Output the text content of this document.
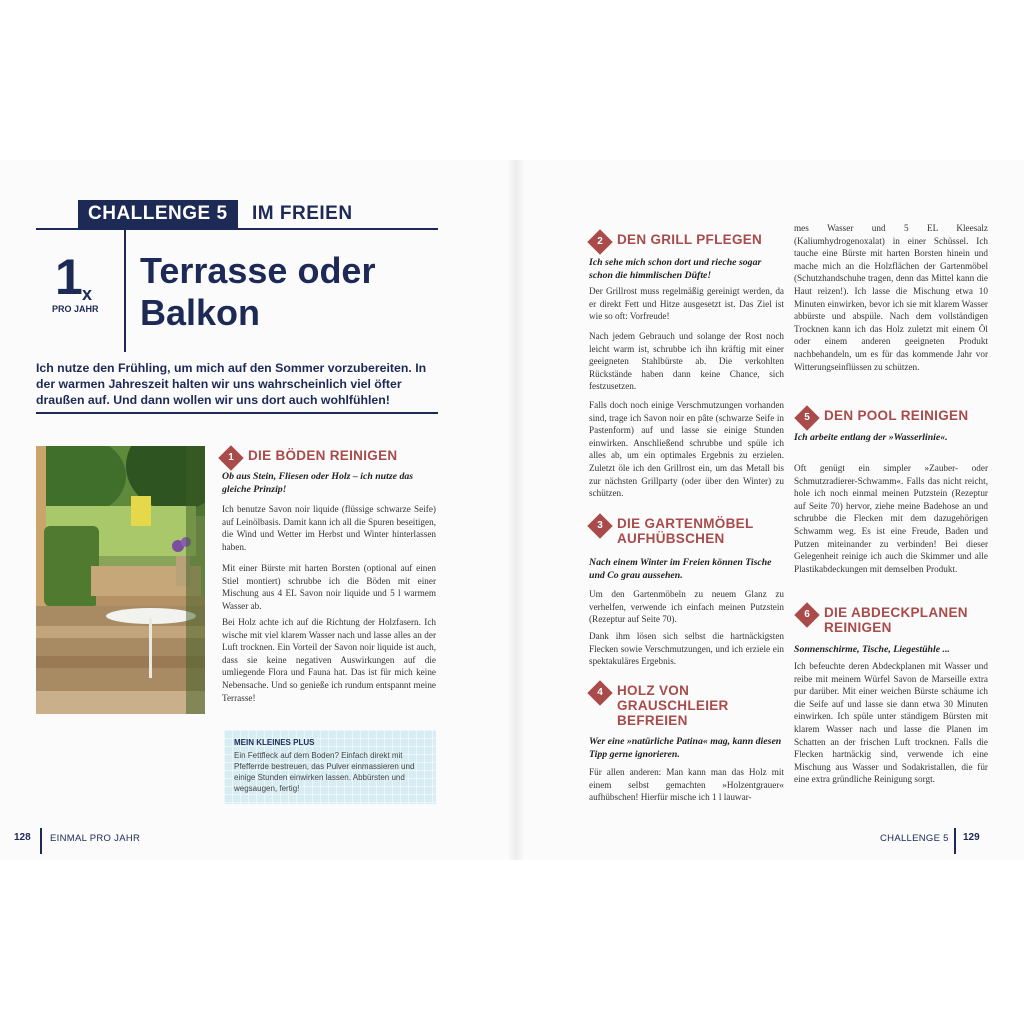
CHALLENGE 5	IM FREIEN
1 x
PRO JAHR
Terrasse oder
Balkon
Ich nutze den Frühling, um mich auf den Sommer vorzubereiten. In der warmen Jahreszeit halten wir uns wahrscheinlich viel öfter draußen auf. Und dann wollen wir uns dort auch wohlfühlen!
1	DIE BÖDEN REINIGEN
Ob aus Stein, Fliesen oder Holz – ich nutze das gleiche Prinzip!
Ich benutze Savon noir liquide (flüssige schwarze Seife) auf Leinölbasis. Damit kann ich all die Spuren beseitigen, die Wind und Wetter im Herbst und Winter hinterlassen haben.
Mit einer Bürste mit harten Borsten (optional auf einen Stiel montiert) schrubbe ich die Böden mit einer Mischung aus 4 EL Savon noir liquide und 5 l warmem Wasser ab.
Bei Holz achte ich auf die Richtung der Holzfasern. Ich wische mit viel klarem Wasser nach und lasse alles an der Luft trocknen. Ein Vorteil der Savon noir liquide ist auch, dass sie keine negativen Auswirkungen auf die umliegende Flora und Fauna hat. Das ist für mich keine Nebensache. Und so genieße ich rundum entspannt meine Terrasse!
MEIN KLEINES PLUS
Ein Fettfleck auf dem Boden? Einfach direkt mit Pfefferrde bestreuen, das Pulver einmassieren und einige Stunden einwirken lassen. Abbürsten und wegsaugen, fertig!
2	DEN GRILL PFLEGEN
Ich sehe mich schon dort und rieche sogar schon die himmlischen Düfte!
Der Grillrost muss regelmäßig gereinigt werden, da er direkt Fett und Hitze ausgesetzt ist. Das Ziel ist wie so oft: Vorfreude!
Nach jedem Gebrauch und solange der Rost noch leicht warm ist, schrubbe ich ihn kräftig mit einer geeigneten Stahlbürste ab. Die verkohlten Rückstände haben dann keine Chance, sich festzusetzen.
Falls doch noch einige Verschmutzungen vorhanden sind, trage ich Savon noir en pâte (schwarze Seife in Pastenform) auf und lasse sie einige Stunden einwirken. Anschließend schrubbe und spüle ich alles ab, um ein optimales Ergebnis zu erzielen. Zuletzt öle ich den Grillrost ein, um das Metall bis zur nächsten Grillparty (oder über den Winter) zu schützen.
3	DIE GARTENMÖBEL AUFHÜBSCHEN
Nach einem Winter im Freien können Tische und Co grau aussehen.
Um den Gartenmöbeln zu neuem Glanz zu verhelfen, verwende ich einfach meinen Putzstein (Rezeptur auf Seite 70).
Dank ihm lösen sich selbst die hartnäckigsten Flecken sowie Verschmutzungen, und ich erziele ein spektakuläres Ergebnis.
4	HOLZ VON GRAUSCHLEIER BEFREIEN
Wer eine »natürliche Patina« mag, kann diesen Tipp gerne ignorieren.
Für allen anderen: Man kann man das Holz mit einem selbst gemachten »Holzentgrauer« aufhübschen! Hierfür mische ich 1 l lauwar-
mes Wasser und 5 EL Kleesalz (Kaliumhydrogenoxalat) in einer Schüssel. Ich tauche eine Bürste mit harten Borsten hinein und mache mich an die Holzflächen der Gartenmöbel (Schutzhandschuhe tragen, denn das Mittel kann die Haut reizen!). Ich lasse die Mischung etwa 10 Minuten einwirken, bevor ich sie mit klarem Wasser abbürste und abspüle. Nach dem vollständigen Trocknen kann ich das Holz zuletzt mit einem Öl oder einem anderen geeigneten Produkt nachbehandeln, um es für das kommende Jahr vor Witterungseinflüssen zu schützen.
5	DEN POOL REINIGEN
Ich arbeite entlang der »Wasserlinie«.
Oft genügt ein simpler »Zauber- oder Schmutzradierer-Schwamm«. Falls das nicht reicht, hole ich noch einmal meinen Putzstein (Rezeptur auf Seite 70) hervor, ziehe meine Badehose an und schrubbe die Flecken mit dem dazugehörigen Schwamm weg. Es ist eine Freude, Baden und Putzen miteinander zu verbinden! Bei dieser Gelegenheit reinige ich auch die Skimmer und alle Plastikabdeckungen mit demselben Produkt.
6	DIE ABDECKPLANEN REINIGEN
Sonnenschirme, Tische, Liegestühle ...
Ich befeuchte deren Abdeckplanen mit Wasser und reibe mit meinem Würfel Savon de Marseille extra pur darüber. Mit einer weichen Bürste schäume ich die Seife auf und lasse sie dann etwa 30 Minuten einwirken. Ich spüle unter ständigem Bürsten mit klarem Wasser nach und lasse die Planen im Schatten an der frischen Luft trocknen. Falls die Flecken hartnäckig sind, verwende ich eine Mischung aus Wasser und Sodakristallen, die für eine extra gründliche Reinigung sorgt.
128 EINMAL PRO JAHR	CHALLENGE 5 129
